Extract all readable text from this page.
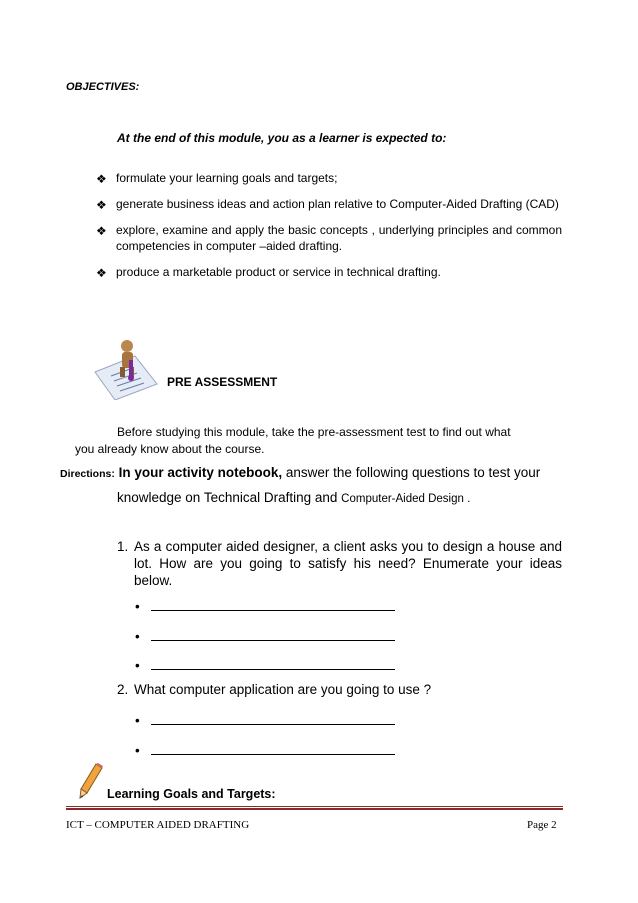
OBJECTIVES:
At the end of this module, you as a learner is expected to:
❖ formulate your learning goals and targets;
❖ generate business ideas and action plan relative to Computer-Aided Drafting (CAD)
❖ explore, examine and apply the basic concepts , underlying principles and common competencies in computer –aided drafting.
❖ produce a marketable product or service in technical drafting.
PRE ASSESSMENT
Before studying this module, take the pre-assessment test to find out what
you already know about the course.
Directions: In your activity notebook, answer the following questions to test your
knowledge on Technical Drafting and Computer-Aided Design .
1. As a computer aided designer, a client asks you to design a house and lot. How are you going to satisfy his need? Enumerate your ideas below.
•
•
•
2. What computer application are you going to use ?
•
•
Learning Goals and Targets:
ICT – COMPUTER AIDED DRAFTING	Page 2
